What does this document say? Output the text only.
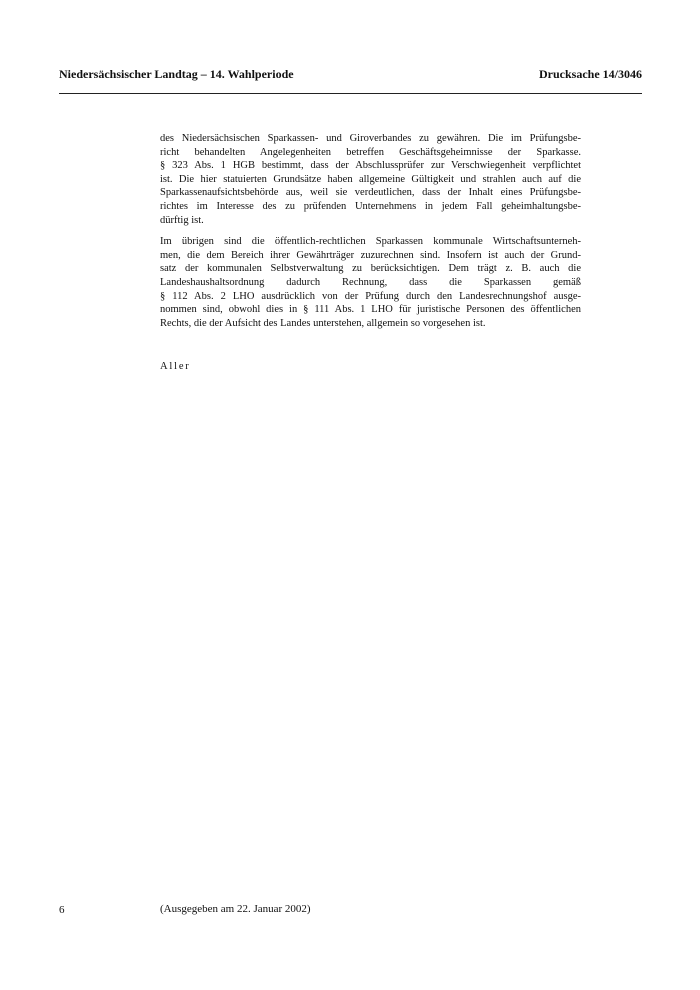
Niedersächsischer Landtag – 14. Wahlperiode	Drucksache 14/3046

des Niedersächsischen Sparkassen- und Giroverbandes zu gewähren. Die im Prüfungsbe-
richt behandelten Angelegenheiten betreffen Geschäftsgeheimnisse der Sparkasse.
§ 323 Abs. 1 HGB bestimmt, dass der Abschlussprüfer zur Verschwiegenheit verpflichtet
ist. Die hier statuierten Grundsätze haben allgemeine Gültigkeit und strahlen auch auf die
Sparkassenaufsichtsbehörde aus, weil sie verdeutlichen, dass der Inhalt eines Prüfungsbe-
richtes im Interesse des zu prüfenden Unternehmens in jedem Fall geheimhaltungsbe-
dürftig ist.

Im übrigen sind die öffentlich-rechtlichen Sparkassen kommunale Wirtschaftsunterneh-
men, die dem Bereich ihrer Gewährträger zuzurechnen sind. Insofern ist auch der Grund-
satz der kommunalen Selbstverwaltung zu berücksichtigen. Dem trägt z. B. auch die
Landeshaushaltsordnung dadurch Rechnung, dass die Sparkassen gemäß
§ 112 Abs. 2 LHO ausdrücklich von der Prüfung durch den Landesrechnungshof ausge-
nommen sind, obwohl dies in § 111 Abs. 1 LHO für juristische Personen des öffentlichen
Rechts, die der Aufsicht des Landes unterstehen, allgemein so vorgesehen ist.

Aller
6	(Ausgegeben am 22. Januar 2002)
